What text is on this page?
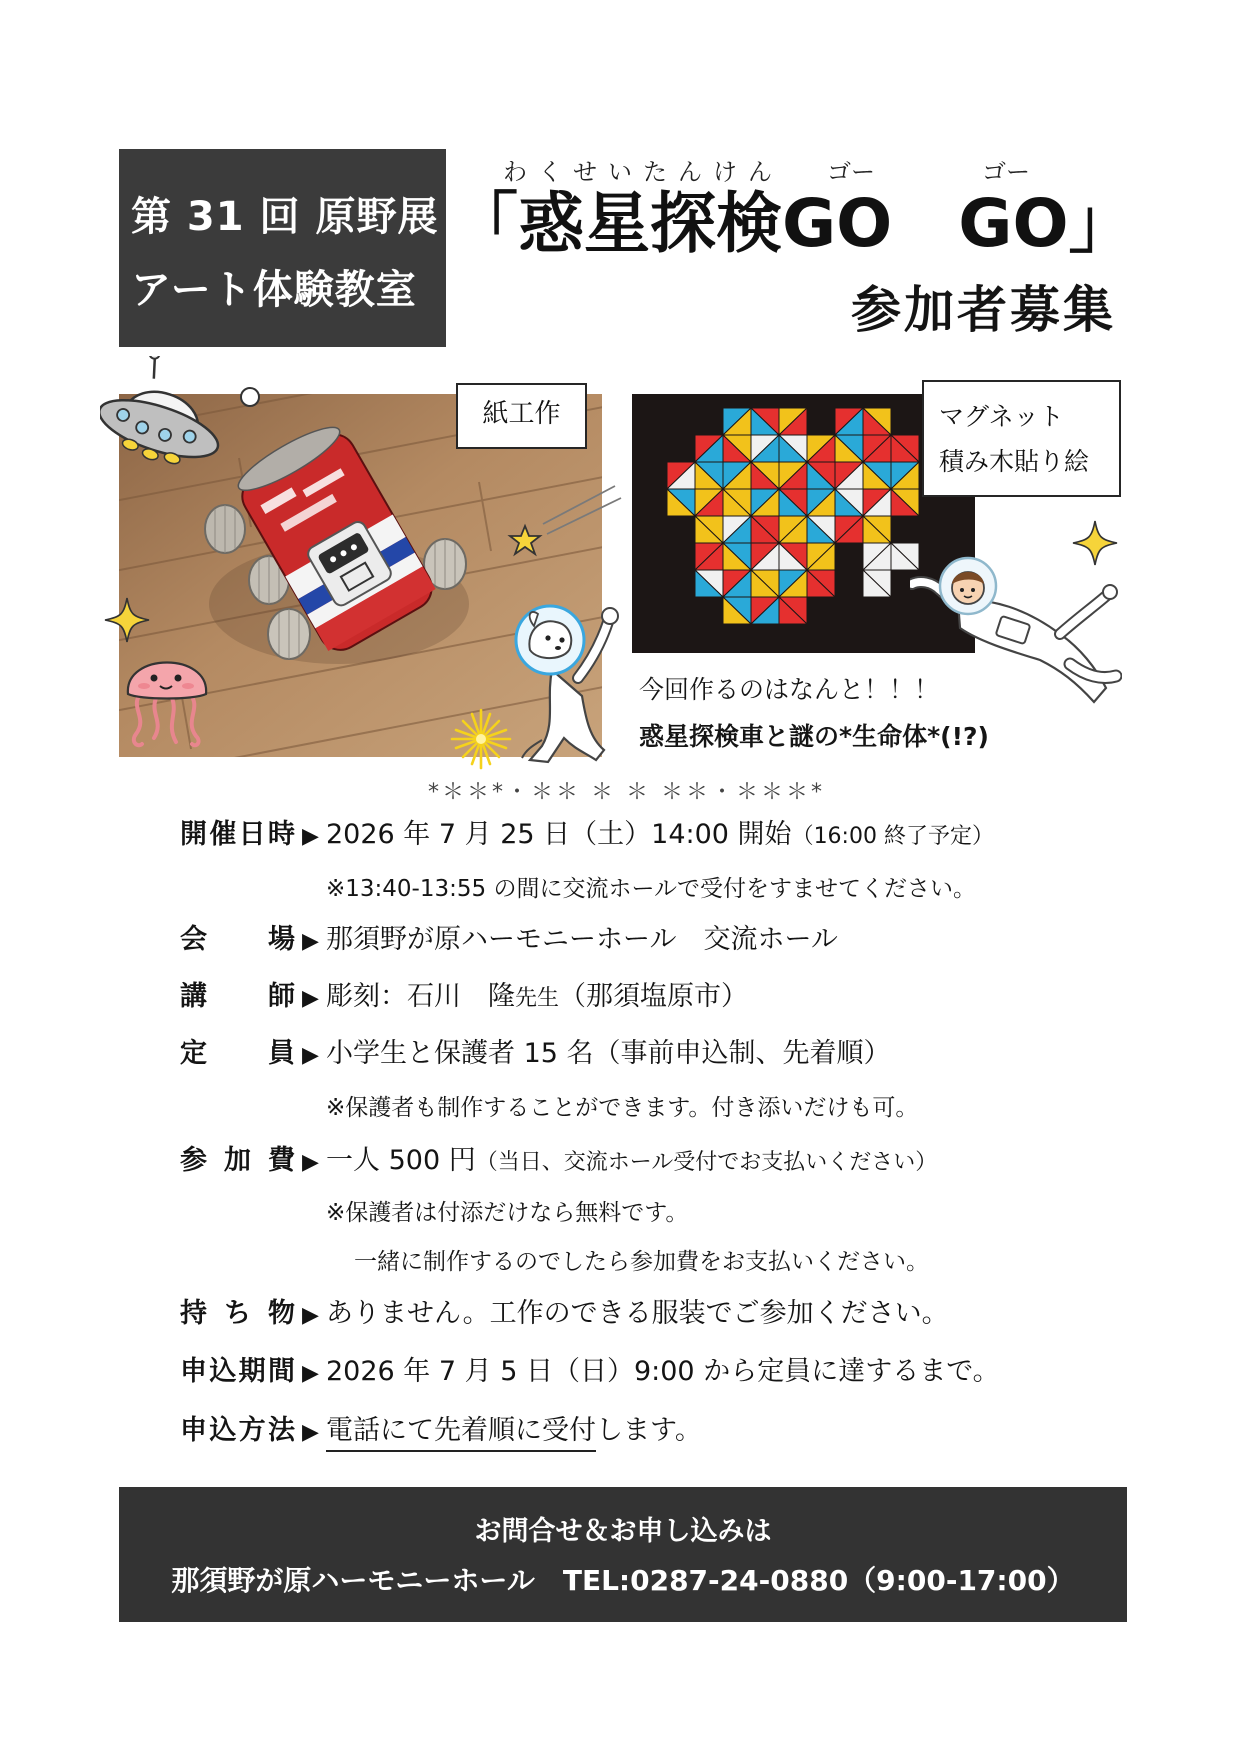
第 31 回 原野展
アート体験教室
わくせいたんけん ゴー	ゴー
「惑星探検GO　GO」
参加者募集
紙工作	マグネット
積み木貼り絵
今回作るのはなんと！！！
惑星探検車と謎の*生命体*(!?)
*＊＊*・＊＊ ＊ ＊ ＊＊・＊＊＊*
開催日時 ▶ 2026 年 7 月 25 日（土）14:00 開始 （16:00 終了予定）
※13:40-13:55 の間に交流ホールで受付をすませてください。
会　　場 ▶ 那須野が原ハーモニーホール　交流ホール
講　　師 ▶ 彫刻：石川　隆 先生 （那須塩原市）
定　　員 ▶ 小学生と保護者 15 名（事前申込制、先着順）
※保護者も制作することができます。付き添いだけも可。
参 加 費 ▶ 一人 500 円 （当日、交流ホール受付でお支払いください）
※保護者は付添だけなら無料です。
一緒に制作するのでしたら参加費をお支払いください。
持 ち 物 ▶ ありません。工作のできる服装でご参加ください。
申込期間 ▶ 2026 年 7 月 5 日（日）9:00 から定員に達するまで。
申込方法 ▶ 電話にて先着順に受付 します。
お問合せ＆お申し込みは
那須野が原ハーモニーホール　TEL:0287-24-0880（9:00-17:00）
